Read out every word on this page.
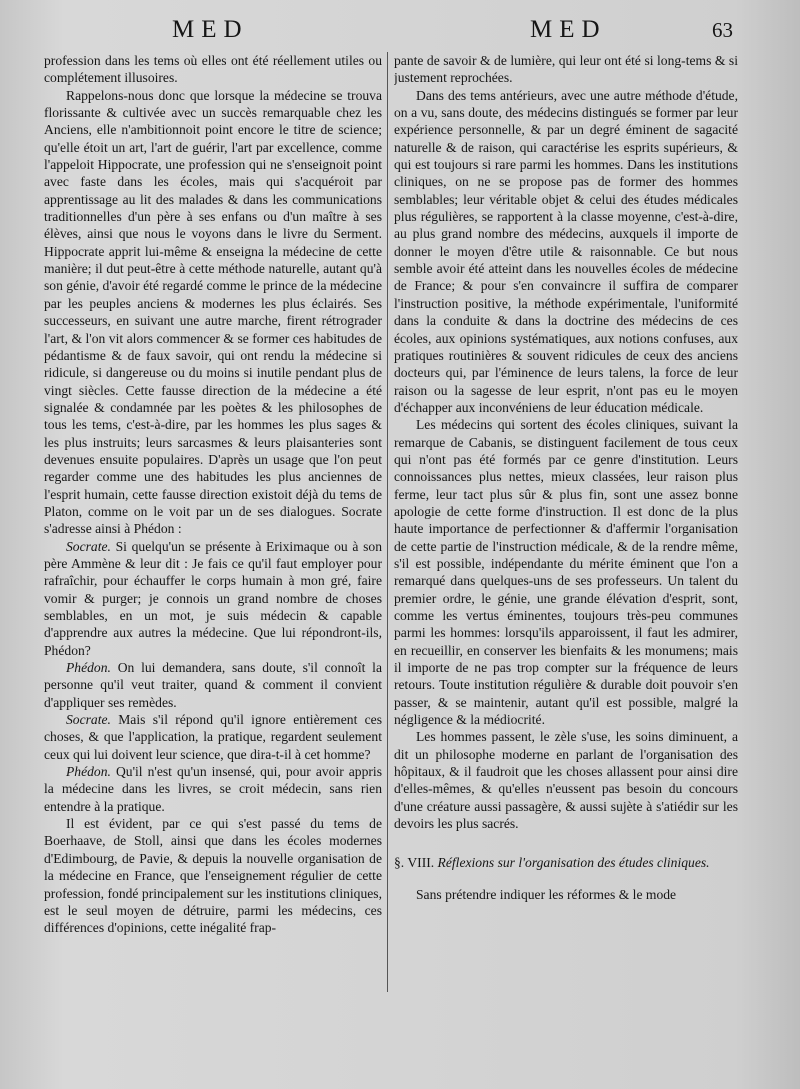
MED	MED	63

profession dans les tems où elles ont été réellement utiles ou complétement illusoires.

Rappelons-nous donc que lorsque la médecine se trouva florissante & cultivée avec un succès remarquable chez les Anciens, elle n'ambitionnoit point encore le titre de science; qu'elle étoit un art, l'art de guérir, l'art par excellence, comme l'appeloit Hippocrate, une profession qui ne s'enseignoit point avec faste dans les écoles, mais qui s'acquéroit par apprentissage au lit des malades & dans les communications traditionnelles d'un père à ses enfans ou d'un maître à ses élèves, ainsi que nous le voyons dans le livre du Serment. Hippocrate apprit lui-même & enseigna la médecine de cette manière; il dut peut-être à cette méthode naturelle, autant qu'à son génie, d'avoir été regardé comme le prince de la médecine par les peuples anciens & modernes les plus éclairés. Ses successeurs, en suivant une autre marche, firent rétrograder l'art, & l'on vit alors commencer & se former ces habitudes de pédantisme & de faux savoir, qui ont rendu la médecine si ridicule, si dangereuse ou du moins si inutile pendant plus de vingt siècles. Cette fausse direction de la médecine a été signalée & condamnée par les poètes & les philosophes de tous les tems, c'est-à-dire, par les hommes les plus sages & les plus instruits; leurs sarcasmes & leurs plaisanteries sont devenues ensuite populaires. D'après un usage que l'on peut regarder comme une des habitudes les plus anciennes de l'esprit humain, cette fausse direction existoit déjà du tems de Platon, comme on le voit par un de ses dialogues. Socrate s'adresse ainsi à Phédon :

Socrate. Si quelqu'un se présente à Eriximaque ou à son père Ammène & leur dit : Je fais ce qu'il faut employer pour rafraîchir, pour échauffer le corps humain à mon gré, faire vomir & purger; je connois un grand nombre de choses semblables, en un mot, je suis médecin & capable d'apprendre aux autres la médecine. Que lui répondront-ils, Phédon?

Phédon. On lui demandera, sans doute, s'il connoît la personne qu'il veut traiter, quand & comment il convient d'appliquer ses remèdes.

Socrate. Mais s'il répond qu'il ignore entièrement ces choses, & que l'application, la pratique, regardent seulement ceux qui lui doivent leur science, que dira-t-il à cet homme?

Phédon. Qu'il n'est qu'un insensé, qui, pour avoir appris la médecine dans les livres, se croit médecin, sans rien entendre à la pratique.

Il est évident, par ce qui s'est passé du tems de Boerhaave, de Stoll, ainsi que dans les écoles modernes d'Edimbourg, de Pavie, & depuis la nouvelle organisation de la médecine en France, que l'enseignement régulier de cette profession, fondé principalement sur les institutions cliniques, est le seul moyen de détruire, parmi les médecins, ces différences d'opinions, cette inégalité frap-

pante de savoir & de lumière, qui leur ont été si long-tems & si justement reprochées.

Dans des tems antérieurs, avec une autre méthode d'étude, on a vu, sans doute, des médecins distingués se former par leur expérience personnelle, & par un degré éminent de sagacité naturelle & de raison, qui caractérise les esprits supérieurs, & qui est toujours si rare parmi les hommes. Dans les institutions cliniques, on ne se propose pas de former des hommes semblables; leur véritable objet & celui des études médicales plus régulières, se rapportent à la classe moyenne, c'est-à-dire, au plus grand nombre des médecins, auxquels il importe de donner le moyen d'être utile & raisonnable. Ce but nous semble avoir été atteint dans les nouvelles écoles de médecine de France; & pour s'en convaincre il suffira de comparer l'instruction positive, la méthode expérimentale, l'uniformité dans la conduite & dans la doctrine des médecins de ces écoles, aux opinions systématiques, aux notions confuses, aux pratiques routinières & souvent ridicules de ceux des anciens docteurs qui, par l'éminence de leurs talens, la force de leur raison ou la sagesse de leur esprit, n'ont pas eu le moyen d'échapper aux inconvéniens de leur éducation médicale.

Les médecins qui sortent des écoles cliniques, suivant la remarque de Cabanis, se distinguent facilement de tous ceux qui n'ont pas été formés par ce genre d'institution. Leurs connoissances plus nettes, mieux classées, leur raison plus ferme, leur tact plus sûr & plus fin, sont une assez bonne apologie de cette forme d'instruction. Il est donc de la plus haute importance de perfectionner & d'affermir l'organisation de cette partie de l'instruction médicale, & de la rendre même, s'il est possible, indépendante du mérite éminent que l'on a remarqué dans quelques-uns de ses professeurs. Un talent du premier ordre, le génie, une grande élévation d'esprit, sont, comme les vertus éminentes, toujours très-peu communes parmi les hommes: lorsqu'ils apparoissent, il faut les admirer, en recueillir, en conserver les bienfaits & les monumens; mais il importe de ne pas trop compter sur la fréquence de leurs retours. Toute institution régulière & durable doit pouvoir s'en passer, & se maintenir, autant qu'il est possible, malgré la négligence & la médiocrité.

Les hommes passent, le zèle s'use, les soins diminuent, a dit un philosophe moderne en parlant de l'organisation des hôpitaux, & il faudroit que les choses allassent pour ainsi dire d'elles-mêmes, & qu'elles n'eussent pas besoin du concours d'une créature aussi passagère, & aussi sujète à s'atiédir sur les devoirs les plus sacrés.

§. VIII. Réflexions sur l'organisation des études cliniques.

Sans prétendre indiquer les réformes & le mode
